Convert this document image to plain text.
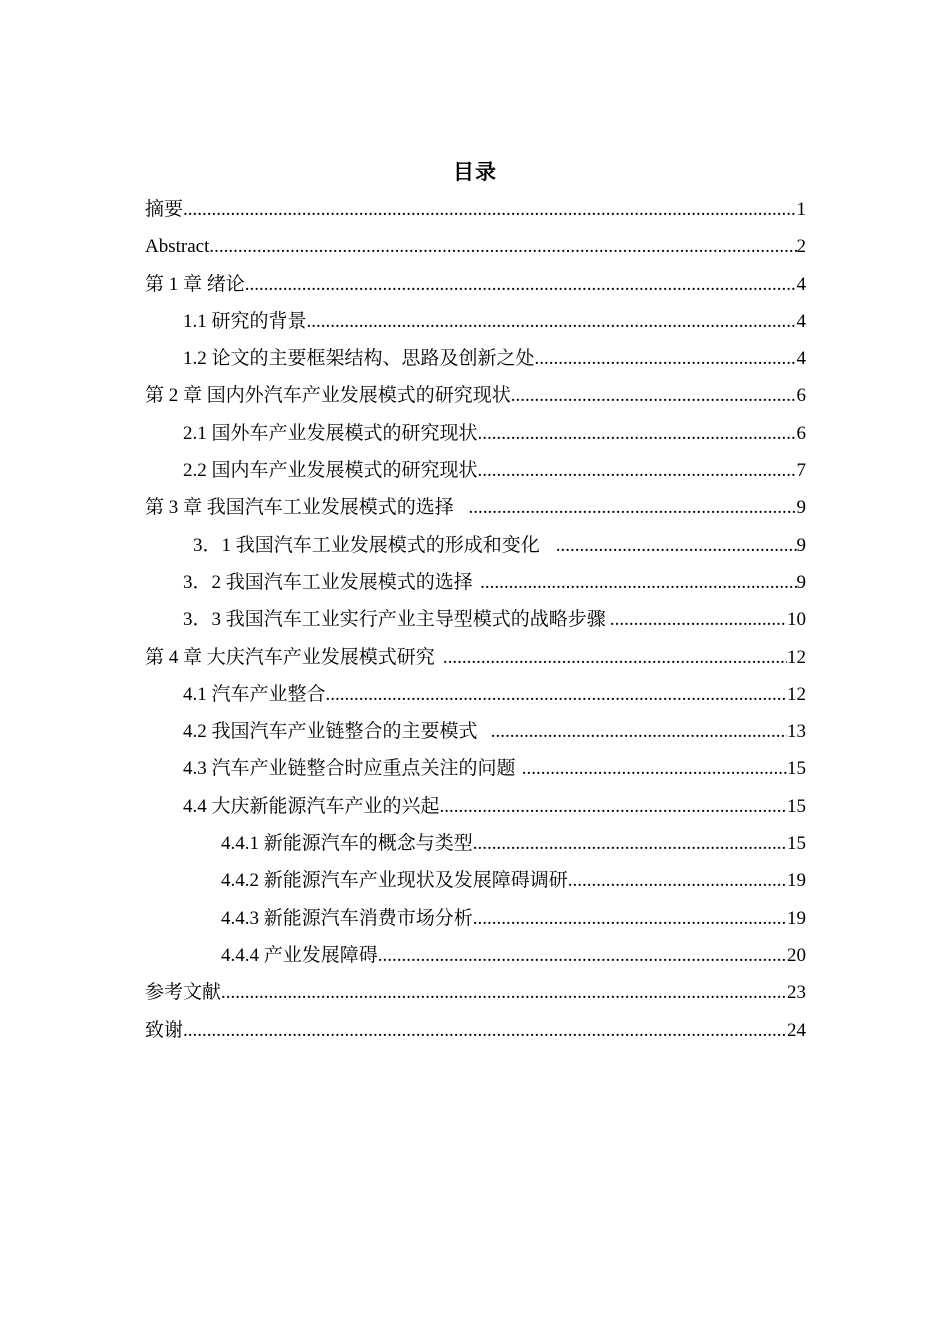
目录
摘要 .....	1
Abstract .....	2
第 1 章 绪论 .....	4
1.1 研究的背景 .....	4
1.2 论文的主要框架结构、思路及创新之处 .....	4
第 2 章 国内外汽车产业发展模式的研究现状 .....	6
2.1 国外车产业发展模式的研究现状 .....	6
2.2 国内车产业发展模式的研究现状 .....	7
第 3 章 我国汽车工业发展模式的选择 .....	9
3．1 我国汽车工业发展模式的形成和变化 .....	9
3．2 我国汽车工业发展模式的选择 .....	9
3．3 我国汽车工业实行产业主导型模式的战略步骤 .....	10
第 4 章 大庆汽车产业发展模式研究 .....	12
4.1 汽车产业整合 .....	12
4.2 我国汽车产业链整合的主要模式 .....	13
4.3 汽车产业链整合时应重点关注的问题 .....	15
4.4 大庆新能源汽车产业的兴起 .....	15
4.4.1 新能源汽车的概念与类型 .....	15
4.4.2 新能源汽车产业现状及发展障碍调研 .....	19
4.4.3 新能源汽车消费市场分析 .....	19
4.4.4 产业发展障碍 .....	20
参考文献 .....	23
致谢 .....	24
